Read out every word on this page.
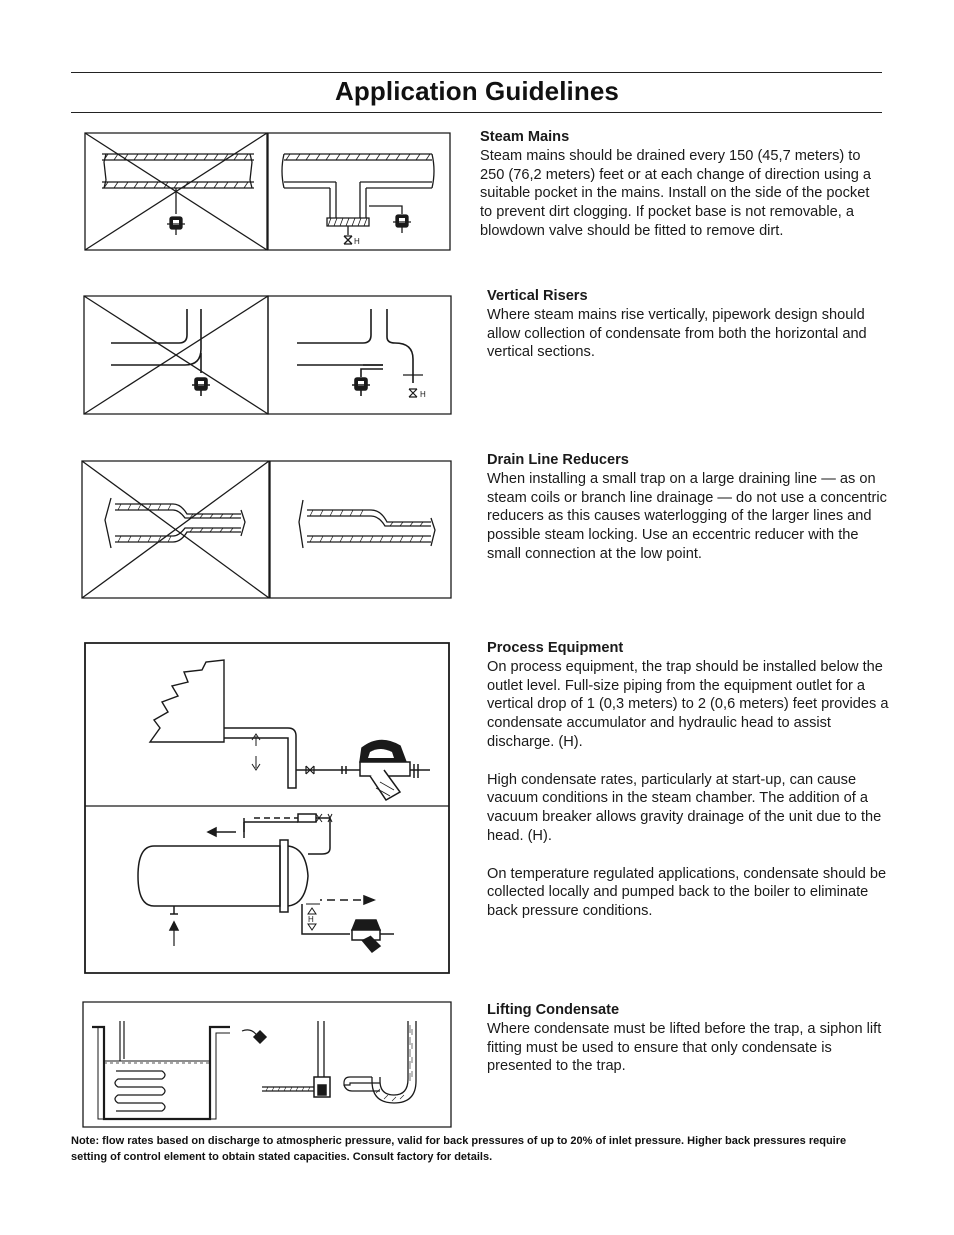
Application Guidelines
H
Steam Mains

Steam mains should be drained every 150 (45,7 meters) to 250 (76,2 meters) feet or at each change of direction using a suitable pocket in the mains. Install on the side of the pocket to prevent dirt clogging. If pocket base is not removable, a blowdown valve should be fitted to remove dirt.

H
Vertical Risers

Where steam mains rise vertically, pipework design should allow collection of condensate from both the horizontal and vertical sections.

Drain Line Reducers

When installing a small trap on a large draining line — as on steam coils or branch line drainage — do not use a concentric reducers as this causes waterlogging of the larger lines and possible steam locking. Use an eccentric reducer with the small connection at the low point.

H
Process Equipment

On process equipment, the trap should be installed below the outlet level. Full-size piping from the equipment outlet for a vertical drop of 1 (0,3 meters) to 2 (0,6 meters) feet provides a condensate accumulator and hydraulic head to assist discharge. (H).

High condensate rates, particularly at start-up, can cause vacuum conditions in the steam chamber. The addition of a vacuum breaker allows gravity drainage of the unit due to the head. (H).

On temperature regulated applications, condensate should be collected locally and pumped back to the boiler to eliminate back pressure conditions.

Lifting Condensate

Where condensate must be lifted before the trap, a siphon lift fitting must be used to ensure that only condensate is presented to the trap.

Note: flow rates based on discharge to atmospheric pressure, valid for back pressures of up to 20% of inlet pressure. Higher back pressures require setting of control element to obtain stated capacities. Consult factory for details.
